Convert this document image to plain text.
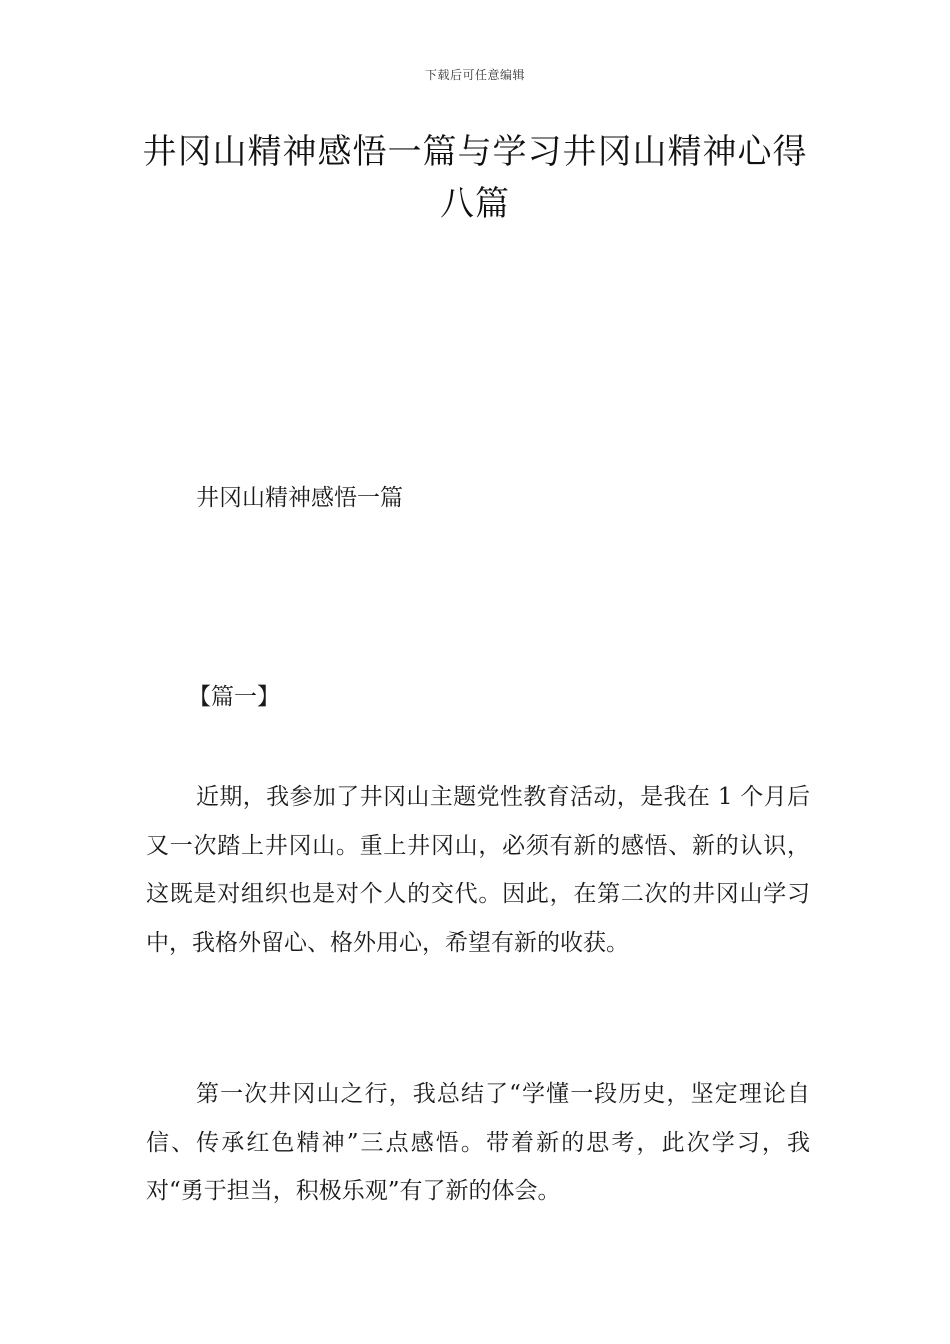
下载后可任意编辑
井冈山精神感悟一篇与学习井冈山精神心得八篇
井冈山精神感悟一篇
【篇一】

近期，我参加了井冈山主题党性教育活动，是我在 1 个月后又一次踏上井冈山。重上井冈山，必须有新的感悟、新的认识，这既是对组织也是对个人的交代。因此，在第二次的井冈山学习中，我格外留心、格外用心，希望有新的收获。

第一次井冈山之行，我总结了“学懂一段历史，坚定理论自信、传承红色精神”三点感悟。带着新的思考，此次学习，我对“勇于担当，积极乐观”有了新的体会。
